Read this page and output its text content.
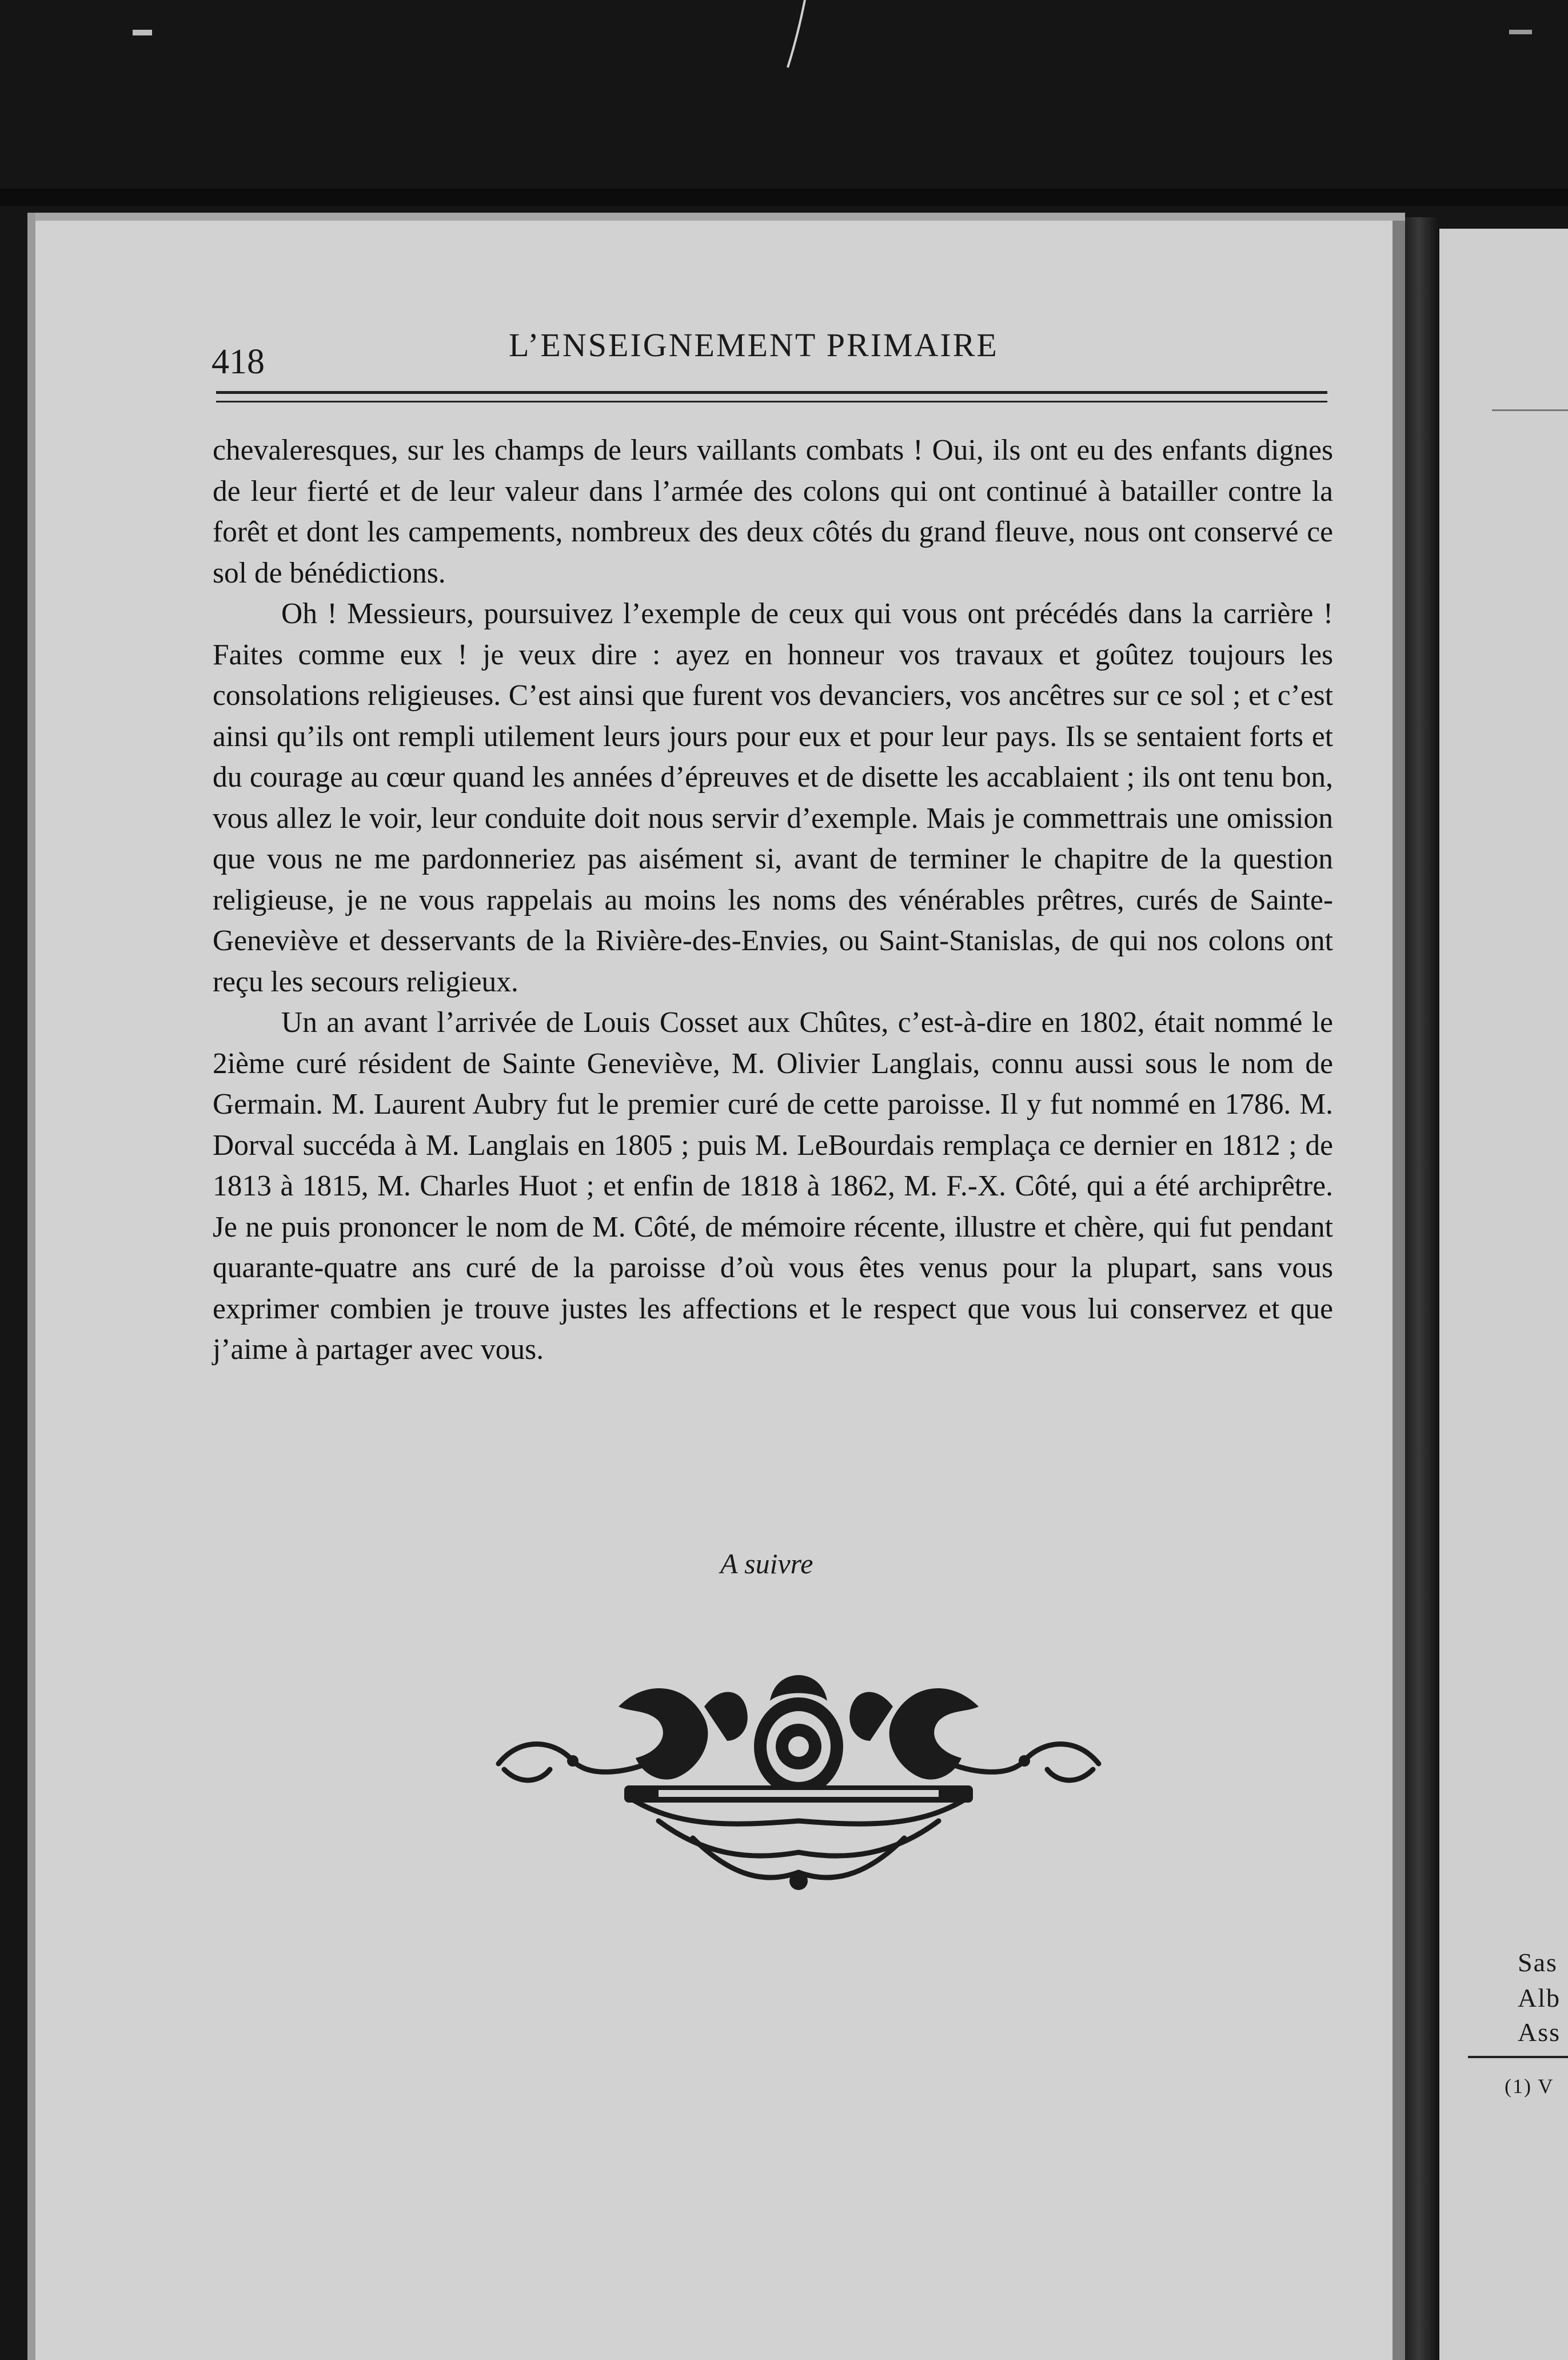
418	L’ENSEIGNEMENT PRIMAIRE

chevaleresques, sur les champs de leurs vaillants combats ! Oui, ils ont eu des enfants dignes de leur fierté et de leur valeur dans l’armée des colons qui ont continué à batailler contre la forêt et dont les campements, nombreux des deux côtés du grand fleuve, nous ont conservé ce sol de bénédictions.

Oh ! Messieurs, poursuivez l’exemple de ceux qui vous ont précédés dans la carrière ! Faites comme eux ! je veux dire : ayez en honneur vos travaux et goûtez toujours les consolations religieuses. C’est ainsi que furent vos devanciers, vos ancêtres sur ce sol ; et c’est ainsi qu’ils ont rempli utilement leurs jours pour eux et pour leur pays. Ils se sentaient forts et du courage au cœur quand les années d’épreuves et de disette les accablaient ; ils ont tenu bon, vous allez le voir, leur conduite doit nous servir d’exemple. Mais je commettrais une omission que vous ne me pardonneriez pas aisément si, avant de terminer le chapitre de la question religieuse, je ne vous rappelais au moins les noms des vénérables prêtres, curés de Sainte-Geneviève et desservants de la Rivière-des-Envies, ou Saint-Stanislas, de qui nos colons ont reçu les secours religieux.

Un an avant l’arrivée de Louis Cosset aux Chûtes, c’est-à-dire en 1802, était nommé le 2ième curé résident de Sainte Geneviève, M. Olivier Langlais, connu aussi sous le nom de Germain. M. Laurent Aubry fut le premier curé de cette paroisse. Il y fut nommé en 1786. M. Dorval succéda à M. Langlais en 1805 ; puis M. LeBourdais remplaça ce dernier en 1812 ; de 1813 à 1815, M. Charles Huot ; et enfin de 1818 à 1862, M. F.-X. Côté, qui a été archiprêtre. Je ne puis prononcer le nom de M. Côté, de mémoire récente, illustre et chère, qui fut pendant quarante-quatre ans curé de la paroisse d’où vous êtes venus pour la plupart, sans vous exprimer combien je trouve justes les affections et le respect que vous lui conservez et que j’aime à partager avec vous.

A suivre
Sas
Alb
Ass
(1) V
